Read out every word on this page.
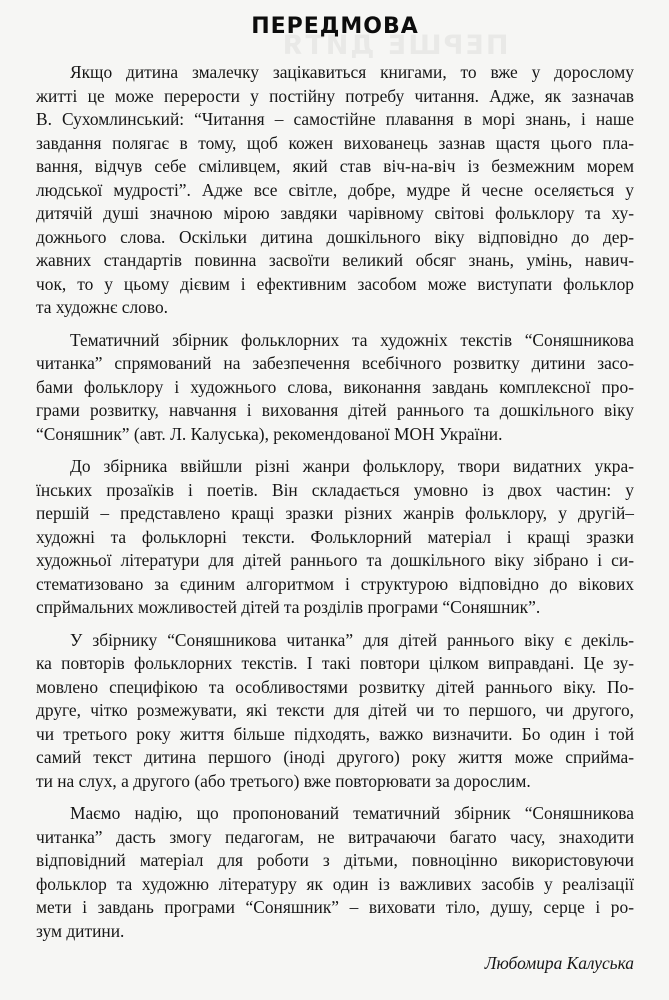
ПЕРШЕ ДИТЯ
ПЕРЕДМОВА
Якщо дитина змалечку зацікавиться книгами, то вже у дорослому
житті це може перерости у постійну потребу читання. Адже, як зазначав
В. Сухомлинський: “Читання – самостійне плавання в морі знань, і наше
завдання полягає в тому, щоб кожен вихованець зазнав щастя цього пла-
вання, відчув себе сміливцем, який став віч-на-віч із безмежним морем
людської мудрості”. Адже все світле, добре, мудре й чесне оселяється у
дитячій душі значною мірою завдяки чарівному світові фольклору та ху-
дожнього слова. Оскільки дитина дошкільного віку відповідно до дер-
жавних стандартів повинна засвоїти великий обсяг знань, умінь, навич-
чок, то у цьому дієвим і ефективним засобом може виступати фольклор
та художнє слово.
Тематичний збірник фольклорних та художніх текстів “Соняшникова
читанка” спрямований на забезпечення всебічного розвитку дитини засо-
бами фольклору і художнього слова, виконання завдань комплексної про-
грами розвитку, навчання і виховання дітей раннього та дошкільного віку
“Соняшник” (авт. Л. Калуська), рекомендованої МОН України.
До збірника ввійшли різні жанри фольклору, твори видатних укра-
їнських прозаїків і поетів. Він складається умовно із двох частин: у
першій – представлено кращі зразки різних жанрів фольклору, у другій–
художні та фольклорні тексти. Фольклорний матеріал і кращі зразки
художньої літератури для дітей раннього та дошкільного віку зібрано і си-
стематизовано за єдиним алгоритмом і структурою відповідно до вікових
спрймальних можливостей дітей та розділів програми “Соняшник”.
У збірнику “Соняшникова читанка” для дітей раннього віку є декіль-
ка повторів фольклорних текстів. І такі повтори цілком виправдані. Це зу-
мовлено специфікою та особливостями розвитку дітей раннього віку. По-
друге, чітко розмежувати, які тексти для дітей чи то першого, чи другого,
чи третього року життя більше підходять, важко визначити. Бо один і той
самий текст дитина першого (іноді другого) року життя може сприйма-
ти на слух, а другого (або третього) вже повторювати за дорослим.
Маємо надію, що пропонований тематичний збірник “Соняшникова
читанка” дасть змогу педагогам, не витрачаючи багато часу, знаходити
відповідний матеріал для роботи з дітьми, повноцінно використовуючи
фольклор та художню літературу як один із важливих засобів у реалізації
мети і завдань програми “Соняшник” – виховати тіло, душу, серце і ро-
зум дитини.
Любомира Калуська
